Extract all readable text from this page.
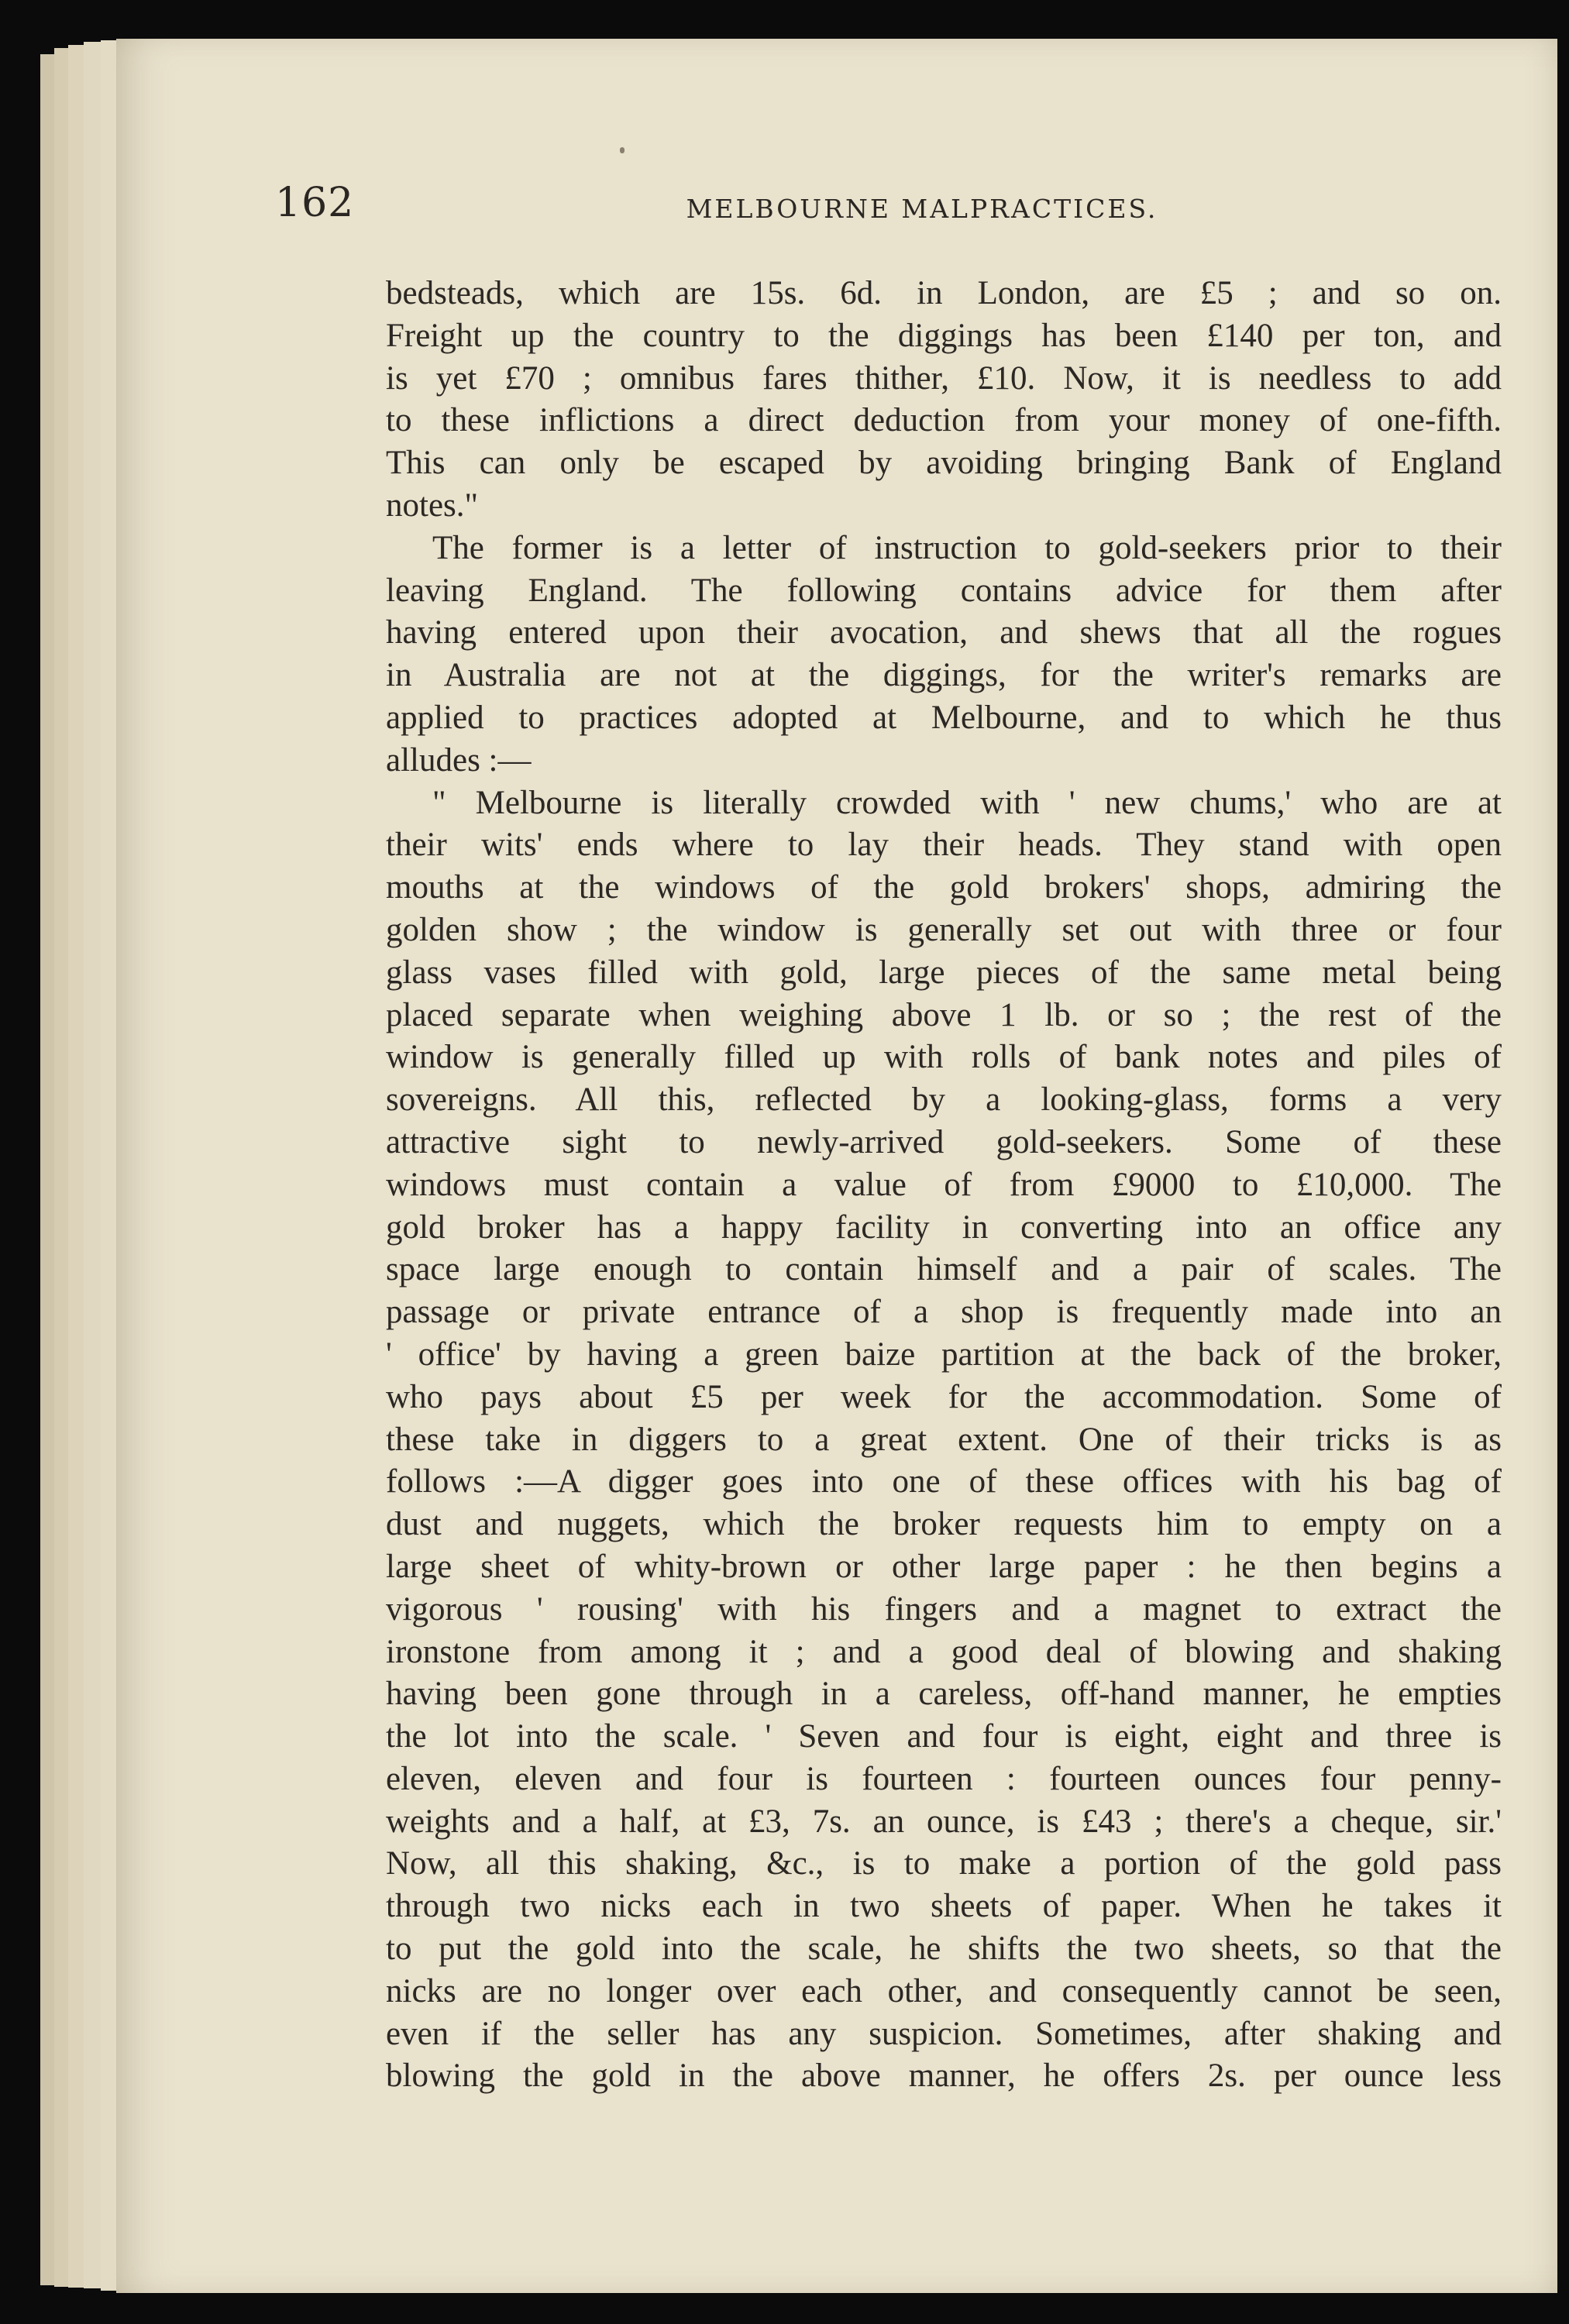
162	MELBOURNE MALPRACTICES.
bedsteads, which are 15s. 6d. in London, are £5 ; and so on.
Freight up the country to the diggings has been £140 per ton, and
is yet £70 ; omnibus fares thither, £10. Now, it is needless to add
to these inflictions a direct deduction from your money of one-fifth.
This can only be escaped by avoiding bringing Bank of England
notes."
The former is a letter of instruction to gold-seekers prior to their
leaving England. The following contains advice for them after
having entered upon their avocation, and shews that all the rogues
in Australia are not at the diggings, for the writer's remarks are
applied to practices adopted at Melbourne, and to which he thus
alludes :—
" Melbourne is literally crowded with ' new chums,' who are at
their wits' ends where to lay their heads. They stand with open
mouths at the windows of the gold brokers' shops, admiring the
golden show ; the window is generally set out with three or four
glass vases filled with gold, large pieces of the same metal being
placed separate when weighing above 1 lb. or so ; the rest of the
window is generally filled up with rolls of bank notes and piles of
sovereigns. All this, reflected by a looking-glass, forms a very
attractive sight to newly-arrived gold-seekers. Some of these
windows must contain a value of from £9000 to £10,000. The
gold broker has a happy facility in converting into an office any
space large enough to contain himself and a pair of scales. The
passage or private entrance of a shop is frequently made into an
' office' by having a green baize partition at the back of the broker,
who pays about £5 per week for the accommodation. Some of
these take in diggers to a great extent. One of their tricks is as
follows :—A digger goes into one of these offices with his bag of
dust and nuggets, which the broker requests him to empty on a
large sheet of whity-brown or other large paper : he then begins a
vigorous ' rousing' with his fingers and a magnet to extract the
ironstone from among it ; and a good deal of blowing and shaking
having been gone through in a careless, off-hand manner, he empties
the lot into the scale. ' Seven and four is eight, eight and three is
eleven, eleven and four is fourteen : fourteen ounces four penny-
weights and a half, at £3, 7s. an ounce, is £43 ; there's a cheque, sir.'
Now, all this shaking, &c., is to make a portion of the gold pass
through two nicks each in two sheets of paper. When he takes it
to put the gold into the scale, he shifts the two sheets, so that the
nicks are no longer over each other, and consequently cannot be seen,
even if the seller has any suspicion. Sometimes, after shaking and
blowing the gold in the above manner, he offers 2s. per ounce less
